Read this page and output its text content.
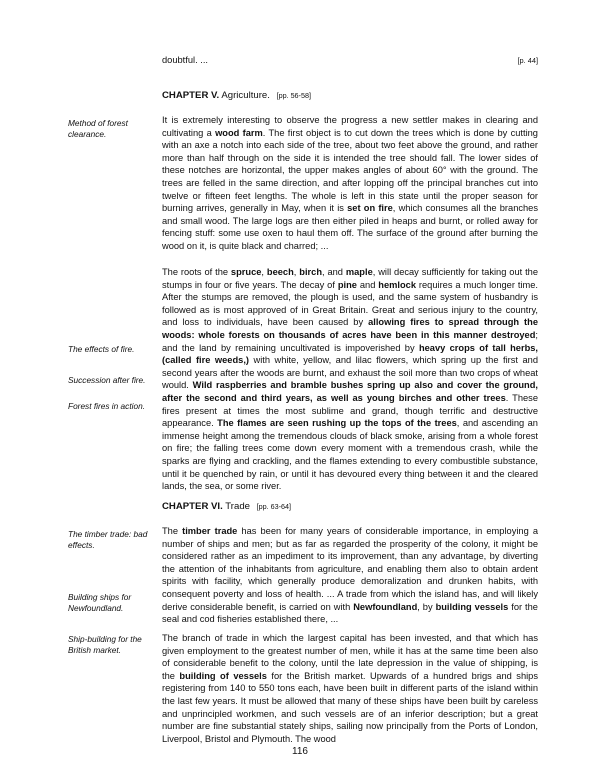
doubtful. ...	[p. 44]

CHAPTER V. Agriculture. [pp. 56-58]

Method of forest clearance.

The effects of fire.

Succession after fire.

Forest fires in action.

It is extremely interesting to observe the progress a new settler makes in clearing and cultivating a wood farm. The first object is to cut down the trees which is done by cutting with an axe a notch into each side of the tree, about two feet above the ground, and rather more than half through on the side it is intended the tree should fall. The lower sides of these notches are horizontal, the upper makes angles of about 60° with the ground. The trees are felled in the same direction, and after lopping off the principal branches cut into twelve or fifteen feet lengths. The whole is left in this state until the proper season for burning arrives, generally in May, when it is set on fire, which consumes all the branches and small wood. The large logs are then either piled in heaps and burnt, or rolled away for fencing stuff: some use oxen to haul them off. The surface of the ground after burning the wood on it, is quite black and charred; ...

The roots of the spruce, beech, birch, and maple, will decay sufficiently for taking out the stumps in four or five years. The decay of pine and hemlock requires a much longer time. After the stumps are removed, the plough is used, and the same system of husbandry is followed as is most approved of in Great Britain. Great and serious injury to the country, and loss to individuals, have been caused by allowing fires to spread through the woods: whole forests on thousands of acres have been in this manner destroyed; and the land by remaining uncultivated is impoverished by heavy crops of tall herbs, (called fire weeds,) with white, yellow, and lilac flowers, which spring up the first and second years after the woods are burnt, and exhaust the soil more than two crops of wheat would. Wild raspberries and bramble bushes spring up also and cover the ground, after the second and third years, as well as young birches and other trees. These fires present at times the most sublime and grand, though terrific and destructive appearance. The flames are seen rushing up the tops of the trees, and ascending an immense height among the tremendous clouds of black smoke, arising from a whole forest on fire; the falling trees come down every moment with a tremendous crash, while the sparks are flying and crackling, and the flames extending to every combustible substance, until it be quenched by rain, or until it has devoured every thing between it and the cleared lands, the sea, or some river.

CHAPTER VI. Trade [pp. 63-64]

The timber trade: bad effects.

Building ships for Newfoundland.

Ship-building for the British market.

The timber trade has been for many years of considerable importance, in employing a number of ships and men; but as far as regarded the prosperity of the colony, it might be considered rather as an impediment to its improvement, than any advantage, by diverting the attention of the inhabitants from agriculture, and enabling them also to obtain ardent spirits with facility, which generally produce demoralization and drunken habits, with consequent poverty and loss of health. ... A trade from which the island has, and will likely derive considerable benefit, is carried on with Newfoundland, by building vessels for the seal and cod fisheries established there, ...

The branch of trade in which the largest capital has been invested, and that which has given employment to the greatest number of men, while it has at the same time been also of considerable benefit to the colony, until the late depression in the value of shipping, is the building of vessels for the British market. Upwards of a hundred brigs and ships registering from 140 to 550 tons each, have been built in different parts of the island within the last few years. It must be allowed that many of these ships have been built by careless and unprincipled workmen, and such vessels are of an inferior description; but a great number are fine substantial stately ships, sailing now principally from the Ports of London, Liverpool, Bristol and Plymouth. The wood

116
